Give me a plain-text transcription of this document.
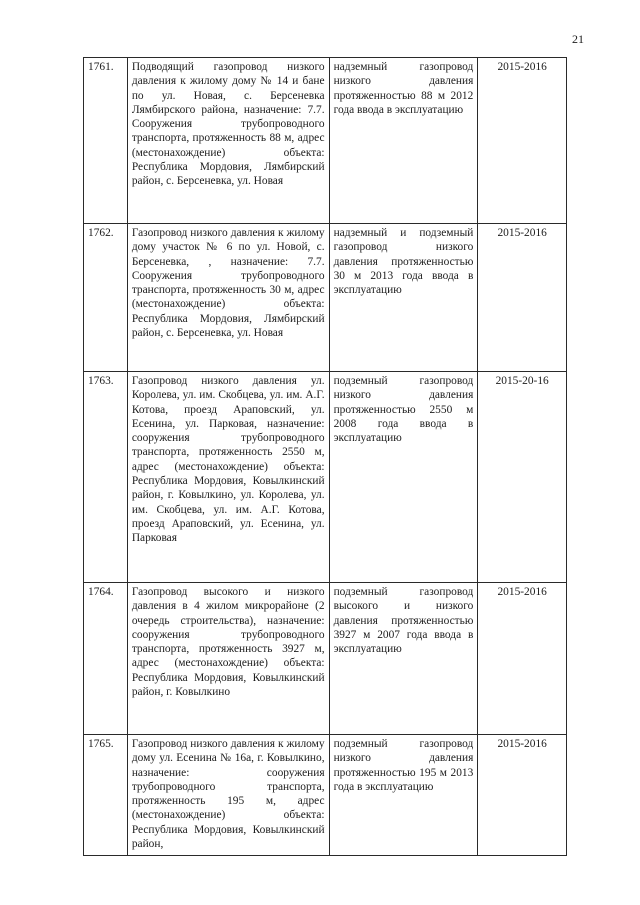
21
1761.	Подводящий газопровод низкого давления к жилому дому № 14 и бане по ул. Новая, с. Берсеневка Лямбирского района, назначение: 7.7. Сооружения трубопроводного транспорта, протяженность 88 м, адрес (местонахождение) объекта: Республика Мордовия, Лямбирский район, с. Берсеневка, ул. Новая	надземный газопровод низкого давления протяженностью 88 м 2012 года ввода в эксплуатацию	2015-2016
1762.	Газопровод низкого давления к жилому дому участок № 6 по ул. Новой, с. Берсеневка, , назначение: 7.7. Сооружения трубопроводного транспорта, протяженность 30 м, адрес (местонахождение) объекта: Республика Мордовия, Лямбирский район, с. Берсеневка, ул. Новая	надземный и подземный газопровод низкого давления протяженностью 30 м 2013 года ввода в эксплуатацию	2015-2016
1763.	Газопровод низкого давления ул. Королева, ул. им. Скобцева, ул. им. А.Г. Котова, проезд Араповский, ул. Есенина, ул. Парковая, назначение: сооружения трубопроводного транспорта, протяженность 2550 м, адрес (местонахождение) объекта: Республика Мордовия, Ковылкинский район, г. Ковылкино, ул. Королева, ул. им. Скобцева, ул. им. А.Г. Котова, проезд Араповский, ул. Есенина, ул. Парковая	подземный газопровод низкого давления протяженностью 2550 м 2008 года ввода в эксплуатацию	2015-20-16
1764.	Газопровод высокого и низкого давления в 4 жилом микрорайоне (2 очередь строительства), назначение: сооружения трубопроводного транспорта, протяженность 3927 м, адрес (местонахождение) объекта: Республика Мордовия, Ковылкинский район, г. Ковылкино	подземный газопровод высокого и низкого давления протяженностью 3927 м 2007 года ввода в эксплуатацию	2015-2016
1765.	Газопровод низкого давления к жилому дому ул. Есенина № 16а, г. Ковылкино, назначение: сооружения трубопроводного транспорта, протяженность 195 м, адрес (местонахождение) объекта: Республика Мордовия, Ковылкинский район,	подземный газопровод низкого давления протяженностью 195 м 2013 года в эксплуатацию	2015-2016
